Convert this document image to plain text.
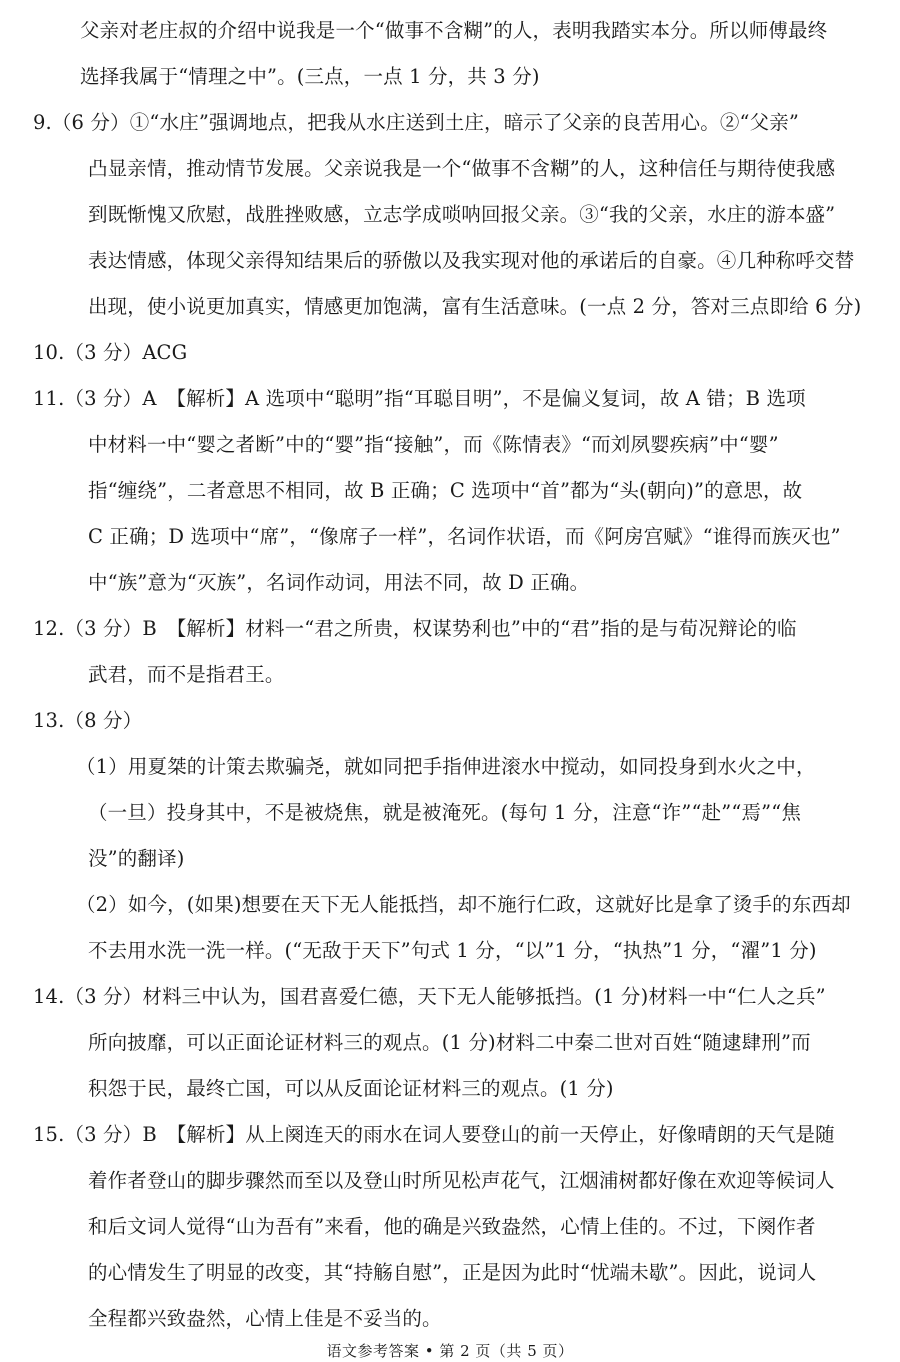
父亲对老庄叔的介绍中说我是一个“做事不含糊”的人，表明我踏实本分。所以师傅最终
选择我属于“情理之中”。(三点，一点 1 分，共 3 分)
9.（6 分）①“水庄”强调地点，把我从水庄送到土庄，暗示了父亲的良苦用心。②“父亲”
凸显亲情，推动情节发展。父亲说我是一个“做事不含糊”的人，这种信任与期待使我感
到既惭愧又欣慰，战胜挫败感，立志学成唢呐回报父亲。③“我的父亲，水庄的游本盛”
表达情感，体现父亲得知结果后的骄傲以及我实现对他的承诺后的自豪。④几种称呼交替
出现，使小说更加真实，情感更加饱满，富有生活意味。(一点 2 分，答对三点即给 6 分)
10.（3 分）ACG
11.（3 分）A　【解析】A 选项中“聪明”指“耳聪目明”，不是偏义复词，故 A 错；B 选项
中材料一中“婴之者断”中的“婴”指“接触”，而《陈情表》“而刘夙婴疾病”中“婴”
指“缠绕”，二者意思不相同，故 B 正确；C 选项中“首”都为“头(朝向)”的意思，故
C 正确；D 选项中“席”，“像席子一样”，名词作状语，而《阿房宫赋》“谁得而族灭也”
中“族”意为“灭族”，名词作动词，用法不同，故 D 正确。
12.（3 分）B　【解析】材料一“君之所贵，权谋势利也”中的“君”指的是与荀况辩论的临
武君，而不是指君王。
13.（8 分）
（1）用夏桀的计策去欺骗尧，就如同把手指伸进滚水中搅动，如同投身到水火之中，
（一旦）投身其中，不是被烧焦，就是被淹死。(每句 1 分，注意“诈”“赴”“焉”“焦
没”的翻译)
（2）如今，(如果)想要在天下无人能抵挡，却不施行仁政，这就好比是拿了烫手的东西却
不去用水洗一洗一样。(“无敌于天下”句式 1 分，“以”1 分，“执热”1 分，“濯”1 分)
14.（3 分）材料三中认为，国君喜爱仁德，天下无人能够抵挡。(1 分)材料一中“仁人之兵”
所向披靡，可以正面论证材料三的观点。(1 分)材料二中秦二世对百姓“随逮肆刑”而
积怨于民，最终亡国，可以从反面论证材料三的观点。(1 分)
15.（3 分）B　【解析】从上阕连天的雨水在词人要登山的前一天停止，好像晴朗的天气是随
着作者登山的脚步骤然而至以及登山时所见松声花气，江烟浦树都好像在欢迎等候词人
和后文词人觉得“山为吾有”来看，他的确是兴致盎然，心情上佳的。不过，下阕作者
的心情发生了明显的改变，其“持觞自慰”，正是因为此时“忧端未歇”。因此，说词人
全程都兴致盎然，心情上佳是不妥当的。
语文参考答案 • 第 2 页（共 5 页）
